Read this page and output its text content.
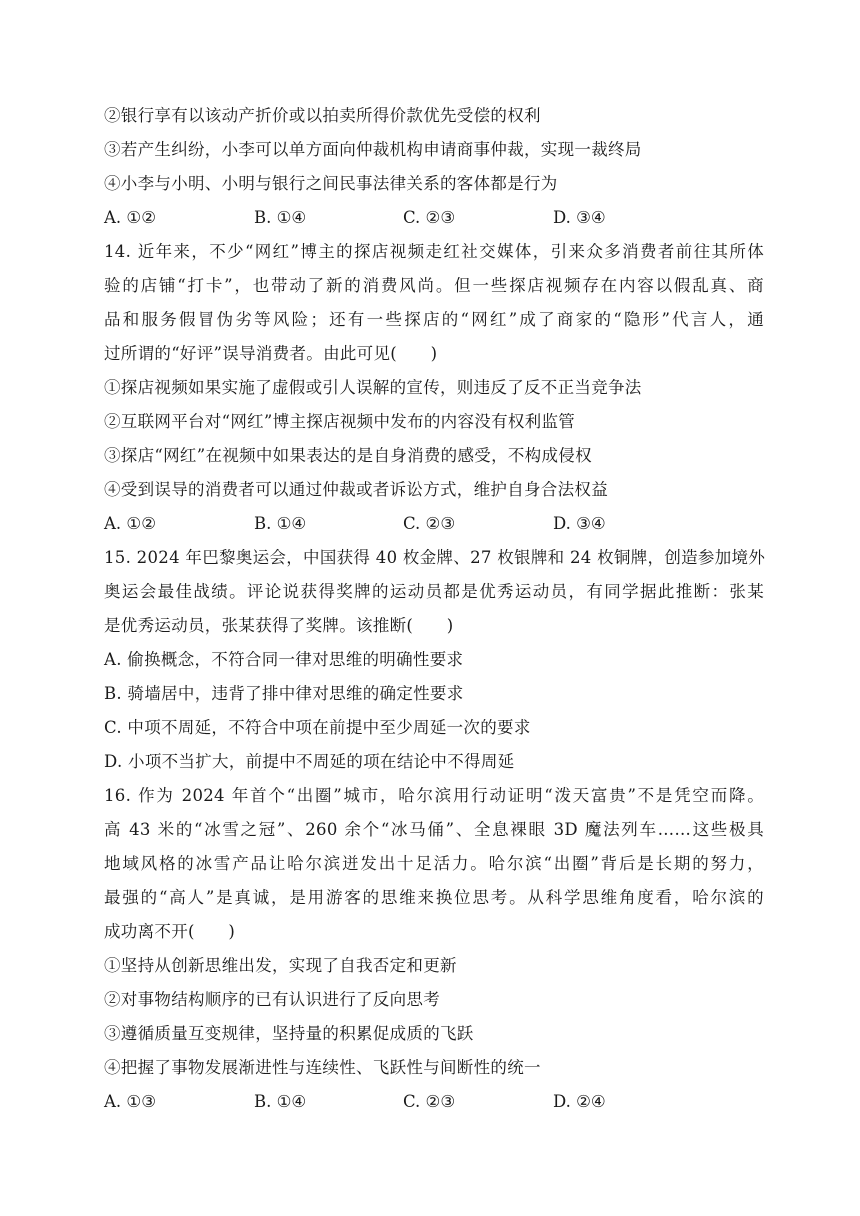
②银行享有以该动产折价或以拍卖所得价款优先受偿的权利
③若产生纠纷，小李可以单方面向仲裁机构申请商事仲裁，实现一裁终局
④小李与小明、小明与银行之间民事法律关系的客体都是行为
A. ①②	B. ①④	C. ②③	D. ③④
14. 近年来，不少“网红”博主的探店视频走红社交媒体，引来众多消费者前往其所体
验的店铺“打卡”，也带动了新的消费风尚。但一些探店视频存在内容以假乱真、商
品和服务假冒伪劣等风险；还有一些探店的“网红”成了商家的“隐形”代言人，通
过所谓的“好评”误导消费者。由此可见(　　)
①探店视频如果实施了虚假或引人误解的宣传，则违反了反不正当竞争法
②互联网平台对“网红”博主探店视频中发布的内容没有权利监管
③探店“网红”在视频中如果表达的是自身消费的感受，不构成侵权
④受到误导的消费者可以通过仲裁或者诉讼方式，维护自身合法权益
A. ①②	B. ①④	C. ②③	D. ③④
15. 2024 年巴黎奥运会，中国获得 40 枚金牌、27 枚银牌和 24 枚铜牌，创造参加境外
奥运会最佳战绩。评论说获得奖牌的运动员都是优秀运动员，有同学据此推断：张某
是优秀运动员，张某获得了奖牌。该推断(　　)
A. 偷换概念，不符合同一律对思维的明确性要求
B. 骑墙居中，违背了排中律对思维的确定性要求
C. 中项不周延，不符合中项在前提中至少周延一次的要求
D. 小项不当扩大，前提中不周延的项在结论中不得周延
16. 作为 2024 年首个“出圈”城市，哈尔滨用行动证明“泼天富贵”不是凭空而降。
高 43 米的“冰雪之冠”、260 余个“冰马俑”、全息裸眼 3D 魔法列车……这些极具
地域风格的冰雪产品让哈尔滨迸发出十足活力。哈尔滨“出圈”背后是长期的努力，
最强的“高人”是真诚，是用游客的思维来换位思考。从科学思维角度看，哈尔滨的
成功离不开(　　)
①坚持从创新思维出发，实现了自我否定和更新
②对事物结构顺序的已有认识进行了反向思考
③遵循质量互变规律，坚持量的积累促成质的飞跃
④把握了事物发展渐进性与连续性、飞跃性与间断性的统一
A. ①③	B. ①④	C. ②③	D. ②④
